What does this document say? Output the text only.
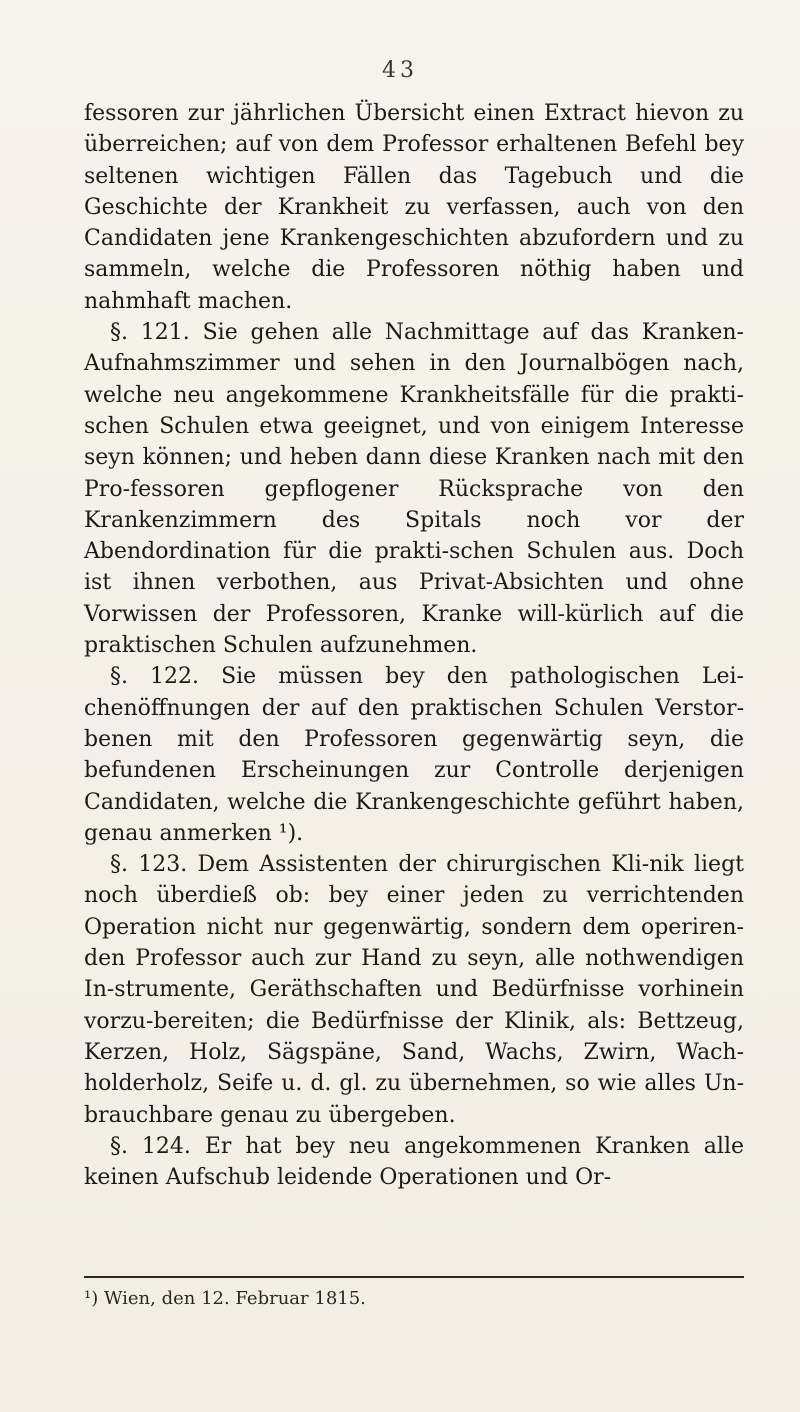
43

fessoren zur jährlichen Übersicht einen Extract hievon zu überreichen; auf von dem Professor erhaltenen Befehl bey seltenen wichtigen Fällen das Tagebuch und die Geschichte der Krankheit zu verfassen, auch von den Candidaten jene Krankengeschichten abzufordern und zu sammeln, welche die Professoren nöthig haben und nahmhaft machen.

§. 121. Sie gehen alle Nachmittage auf das Kranken-Aufnahmszimmer und sehen in den Journalbögen nach, welche neu angekommene Krankheitsfälle für die prakti-schen Schulen etwa geeignet, und von einigem Interesse seyn können; und heben dann diese Kranken nach mit den Pro-fessoren gepflogener Rücksprache von den Krankenzimmern des Spitals noch vor der Abendordination für die prakti-schen Schulen aus. Doch ist ihnen verbothen, aus Privat-Absichten und ohne Vorwissen der Professoren, Kranke will-kürlich auf die praktischen Schulen aufzunehmen.

§. 122. Sie müssen bey den pathologischen Lei-chenöffnungen der auf den praktischen Schulen Verstor-benen mit den Professoren gegenwärtig seyn, die befundenen Erscheinungen zur Controlle derjenigen Candidaten, welche die Krankengeschichte geführt haben, genau anmerken ¹).

§. 123. Dem Assistenten der chirurgischen Kli-nik liegt noch überdieß ob: bey einer jeden zu verrichtenden Operation nicht nur gegenwärtig, sondern dem operiren-den Professor auch zur Hand zu seyn, alle nothwendigen In-strumente, Geräthschaften und Bedürfnisse vorhinein vorzu-bereiten; die Bedürfnisse der Klinik, als: Bettzeug, Kerzen, Holz, Sägspäne, Sand, Wachs, Zwirn, Wach-holderholz, Seife u. d. gl. zu übernehmen, so wie alles Un-brauchbare genau zu übergeben.

§. 124. Er hat bey neu angekommenen Kranken alle keinen Aufschub leidende Operationen und Or-

¹) Wien, den 12. Februar 1815.
